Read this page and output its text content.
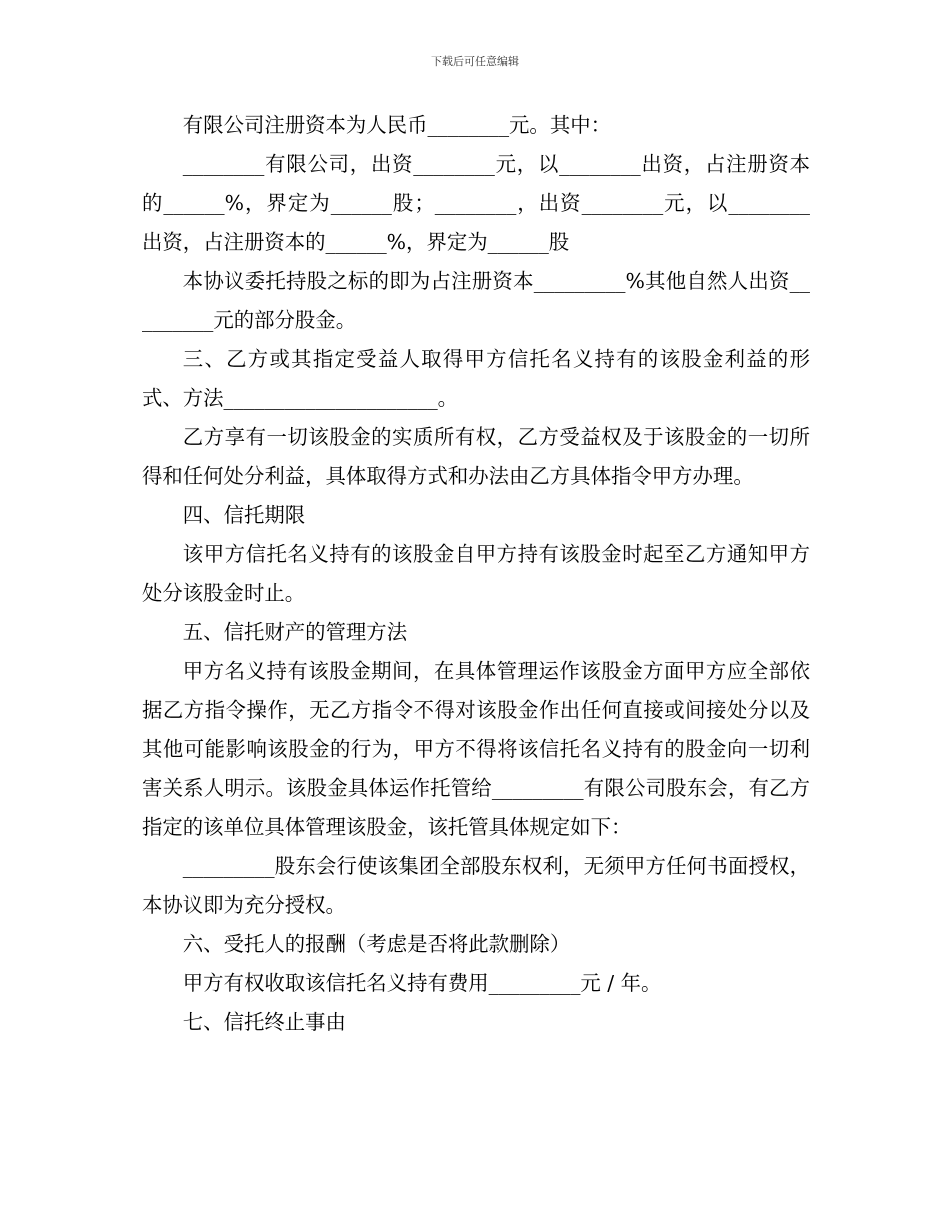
下载后可任意编辑

有限公司注册资本为人民币________元。其中：

________有限公司，出资________元，以________出资，占注册资本的______%，界定为______股；________，出资________元，以________出资，占注册资本的______%，界定为______股

本协议委托持股之标的即为占注册资本_________%其他自然人出资_________元的部分股金。

三、乙方或其指定受益人取得甲方信托名义持有的该股金利益的形式、方法_____________________。

乙方享有一切该股金的实质所有权，乙方受益权及于该股金的一切所得和任何处分利益，具体取得方式和办法由乙方具体指令甲方办理。

四、信托期限

该甲方信托名义持有的该股金自甲方持有该股金时起至乙方通知甲方处分该股金时止。

五、信托财产的管理方法

甲方名义持有该股金期间，在具体管理运作该股金方面甲方应全部依据乙方指令操作，无乙方指令不得对该股金作出任何直接或间接处分以及其他可能影响该股金的行为，甲方不得将该信托名义持有的股金向一切利害关系人明示。该股金具体运作托管给_________有限公司股东会，有乙方指定的该单位具体管理该股金，该托管具体规定如下：

_________股东会行使该集团全部股东权利，无须甲方任何书面授权，本协议即为充分授权。

六、受托人的报酬（考虑是否将此款删除）

甲方有权收取该信托名义持有费用_________元 / 年。

七、信托终止事由
